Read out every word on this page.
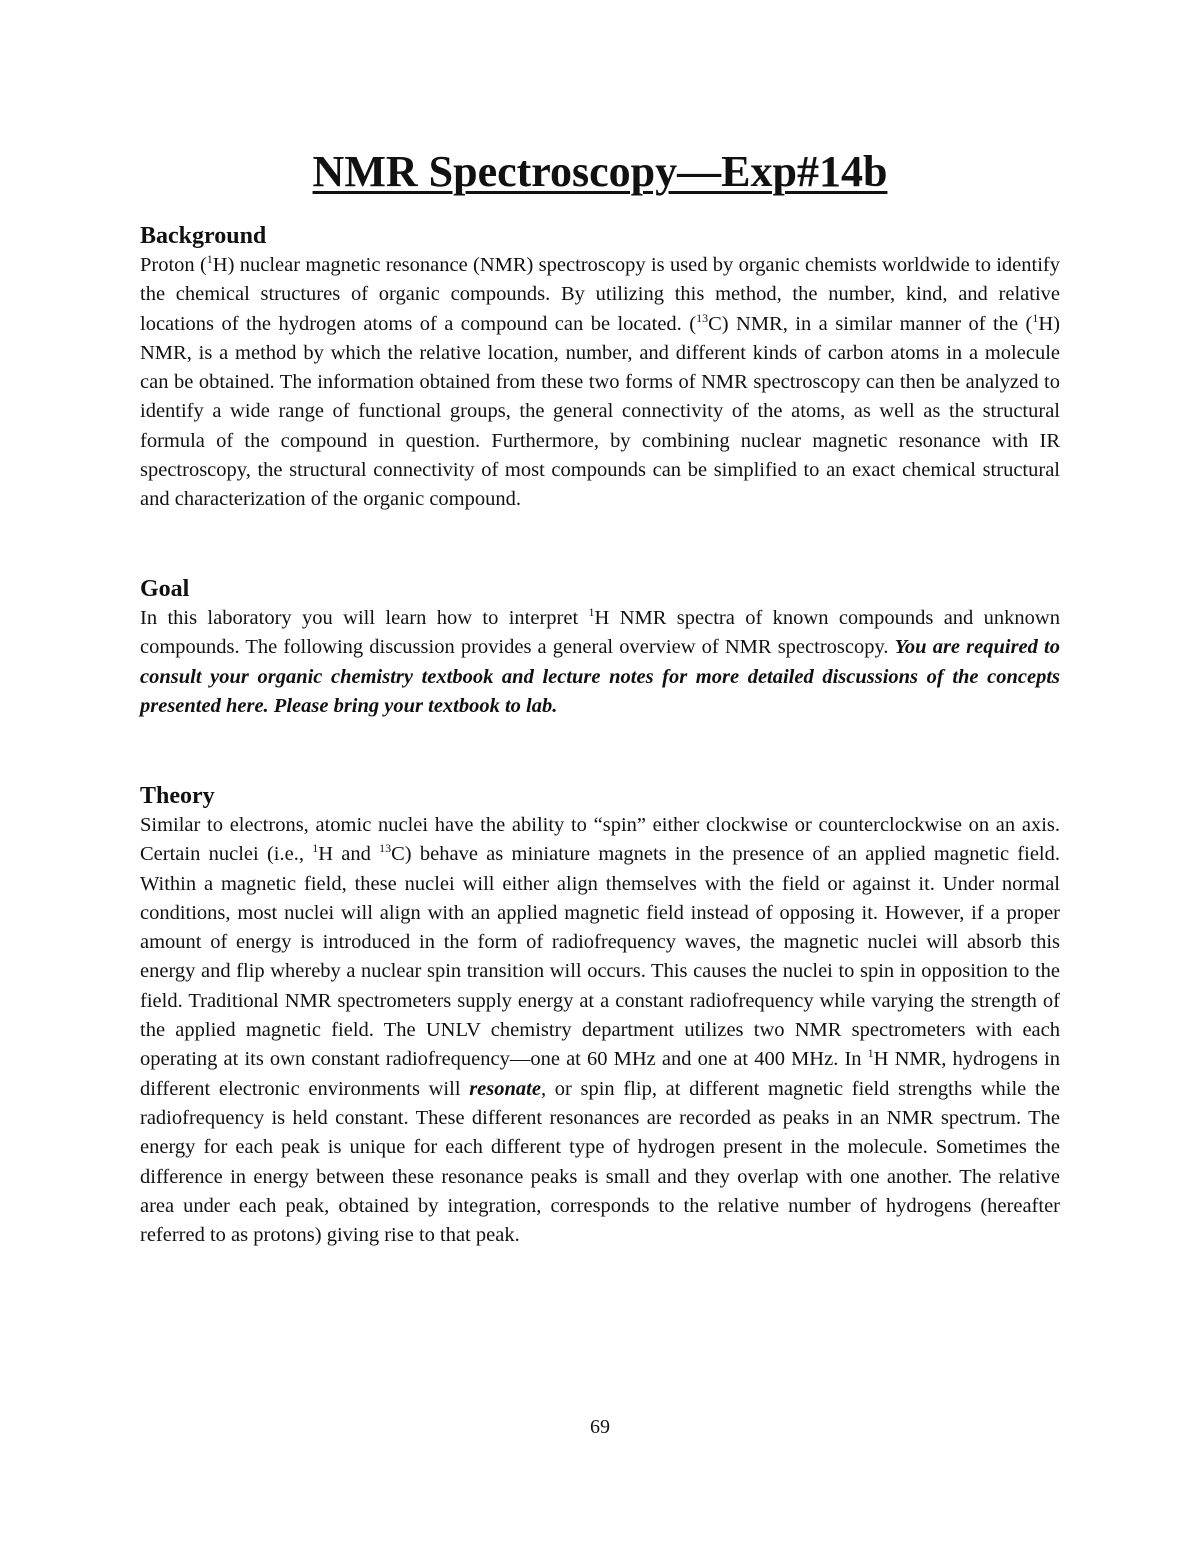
NMR Spectroscopy—Exp#14b
Background

Proton ($^1$H) nuclear magnetic resonance (NMR) spectroscopy is used by organic chemists worldwide to identify the chemical structures of organic compounds. By utilizing this method, the number, kind, and relative locations of the hydrogen atoms of a compound can be located. ($^{13}$C) NMR, in a similar manner of the ($^1$H) NMR, is a method by which the relative location, number, and different kinds of carbon atoms in a molecule can be obtained. The information obtained from these two forms of NMR spectroscopy can then be analyzed to identify a wide range of functional groups, the general connectivity of the atoms, as well as the structural formula of the compound in question. Furthermore, by combining nuclear magnetic resonance with IR spectroscopy, the structural connectivity of most compounds can be simplified to an exact chemical structural and characterization of the organic compound.

Goal

In this laboratory you will learn how to interpret $^1$H NMR spectra of known compounds and unknown compounds. The following discussion provides a general overview of NMR spectroscopy. You are required to consult your organic chemistry textbook and lecture notes for more detailed discussions of the concepts presented here. Please bring your textbook to lab.

Theory

Similar to electrons, atomic nuclei have the ability to “spin” either clockwise or counterclockwise on an axis. Certain nuclei (i.e., $^1$H and $^{13}$C) behave as miniature magnets in the presence of an applied magnetic field. Within a magnetic field, these nuclei will either align themselves with the field or against it. Under normal conditions, most nuclei will align with an applied magnetic field instead of opposing it. However, if a proper amount of energy is introduced in the form of radiofrequency waves, the magnetic nuclei will absorb this energy and flip whereby a nuclear spin transition will occurs. This causes the nuclei to spin in opposition to the field. Traditional NMR spectrometers supply energy at a constant radiofrequency while varying the strength of the applied magnetic field. The UNLV chemistry department utilizes two NMR spectrometers with each operating at its own constant radiofrequency—one at 60 MHz and one at 400 MHz. In $^1$H NMR, hydrogens in different electronic environments will resonate, or spin flip, at different magnetic field strengths while the radiofrequency is held constant. These different resonances are recorded as peaks in an NMR spectrum. The energy for each peak is unique for each different type of hydrogen present in the molecule. Sometimes the difference in energy between these resonance peaks is small and they overlap with one another. The relative area under each peak, obtained by integration, corresponds to the relative number of hydrogens (hereafter referred to as protons) giving rise to that peak.

69
